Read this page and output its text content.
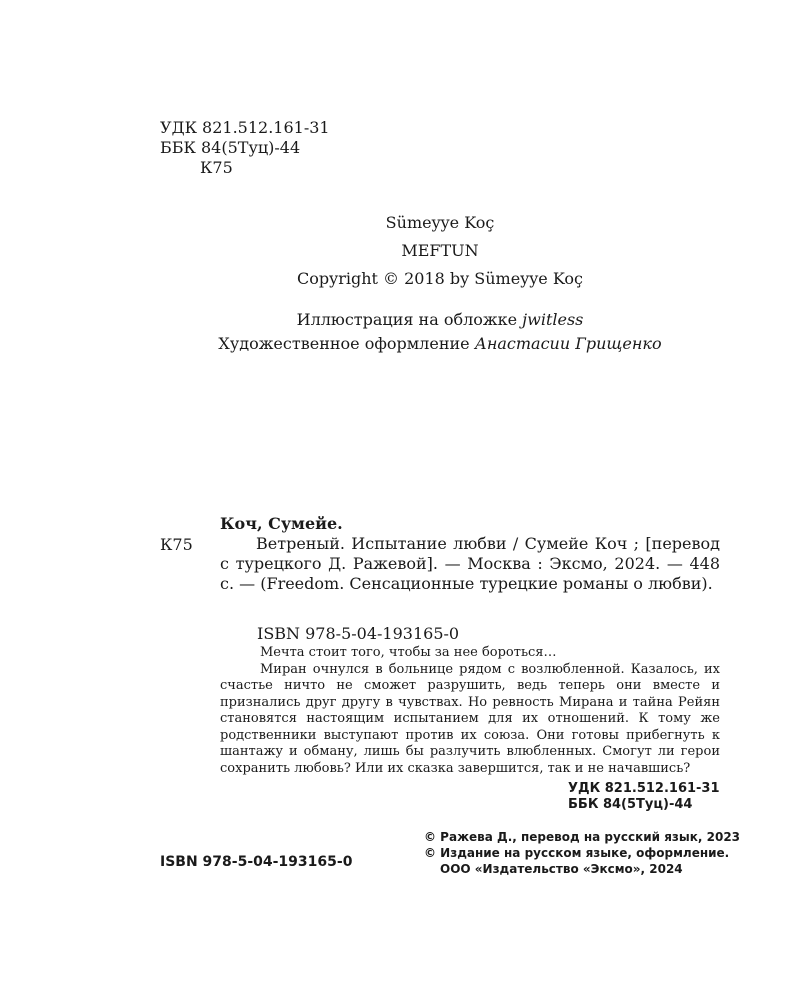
УДК 821.512.161-31
ББК 84(5Туц)-44
К75
Sümeyye Koç
MEFTUN
Copyright © 2018 by Sümeyye Koç
Иллюстрация на обложке jwitless
Художественное оформление Анастасии Грищенко
К75
Коч, Сумейе.
Ветреный. Испытание любви / Сумейе Коч ; [перевод с турецкого Д. Ражевой]. — Москва : Эксмо, 2024. — 448 с. — (Freedom. Сенсационные турецкие романы о любви).
ISBN 978-5-04-193165-0

Мечта стоит того, чтобы за нее бороться…

Миран очнулся в больнице рядом с возлюбленной. Казалось, их счастье ничто не сможет разрушить, ведь теперь они вместе и признались друг другу в чувствах. Но ревность Мирана и тайна Рейян становятся настоящим испытанием для их отношений. К тому же родственники выступают против их союза. Они готовы прибегнуть к шантажу и обману, лишь бы разлучить влюбленных. Смогут ли герои сохранить любовь? Или их сказка завершится, так и не начавшись?

УДК 821.512.161-31
ББК 84(5Туц)-44
© Ражева Д., перевод на русский язык, 2023
© Издание на русском языке, оформление.
ООО «Издательство «Эксмо», 2024
ISBN 978-5-04-193165-0
